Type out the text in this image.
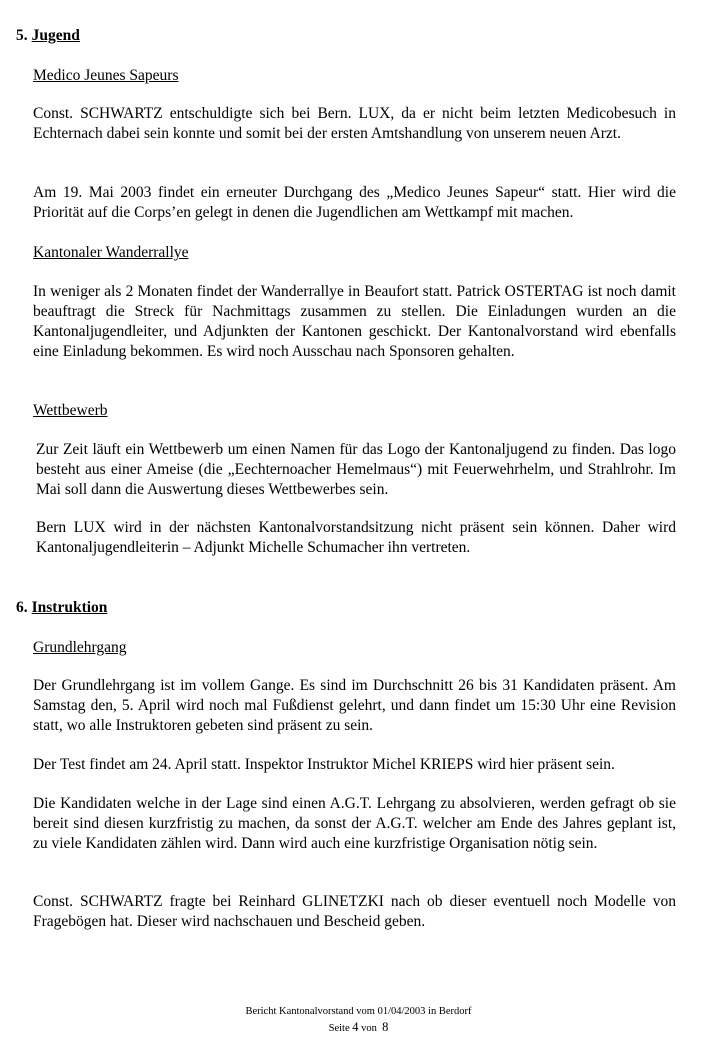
5. Jugend
Medico Jeunes Sapeurs
Const. SCHWARTZ entschuldigte sich bei Bern. LUX, da er nicht beim letzten Medicobesuch in Echternach dabei sein konnte und somit bei der ersten Amtshandlung von unserem neuen Arzt.
Am 19. Mai 2003 findet ein erneuter Durchgang des „Medico Jeunes Sapeur“ statt. Hier wird die Priorität auf die Corps’en gelegt in denen die Jugendlichen am Wettkampf mit machen.
Kantonaler Wanderrallye
In weniger als 2 Monaten findet der Wanderrallye in Beaufort statt. Patrick OSTERTAG ist noch damit beauftragt die Streck für Nachmittags zusammen zu stellen. Die Einladungen wurden an die Kantonaljugendleiter, und Adjunkten der Kantonen geschickt. Der Kantonalvorstand wird ebenfalls eine Einladung bekommen. Es wird noch Ausschau nach Sponsoren gehalten.
Wettbewerb
Zur Zeit läuft ein Wettbewerb um einen Namen für das Logo der Kantonaljugend zu finden. Das logo besteht aus einer Ameise (die „Eechternoacher Hemelmaus“) mit Feuerwehrhelm, und Strahlrohr. Im Mai soll dann die Auswertung dieses Wettbewerbes sein.
Bern LUX wird in der nächsten Kantonalvorstandsitzung nicht präsent sein können. Daher wird Kantonaljugendleiterin – Adjunkt Michelle Schumacher ihn vertreten.
6. Instruktion
Grundlehrgang
Der Grundlehrgang ist im vollem Gange. Es sind im Durchschnitt 26 bis 31 Kandidaten präsent. Am Samstag den, 5. April wird noch mal Fußdienst gelehrt, und dann findet um 15:30 Uhr eine Revision statt, wo alle Instruktoren gebeten sind präsent zu sein.
Der Test findet am 24. April statt. Inspektor Instruktor Michel KRIEPS wird hier präsent sein.
Die Kandidaten welche in der Lage sind einen A.G.T. Lehrgang zu absolvieren, werden gefragt ob sie bereit sind diesen kurzfristig zu machen, da sonst der A.G.T. welcher am Ende des Jahres geplant ist, zu viele Kandidaten zählen wird. Dann wird auch eine kurzfristige Organisation nötig sein.
Const. SCHWARTZ fragte bei Reinhard GLINETZKI nach ob dieser eventuell noch Modelle von Fragebögen hat. Dieser wird nachschauen und Bescheid geben.
Bericht Kantonalvorstand vom 01/04/2003 in Berdorf
Seite 4 von 8
